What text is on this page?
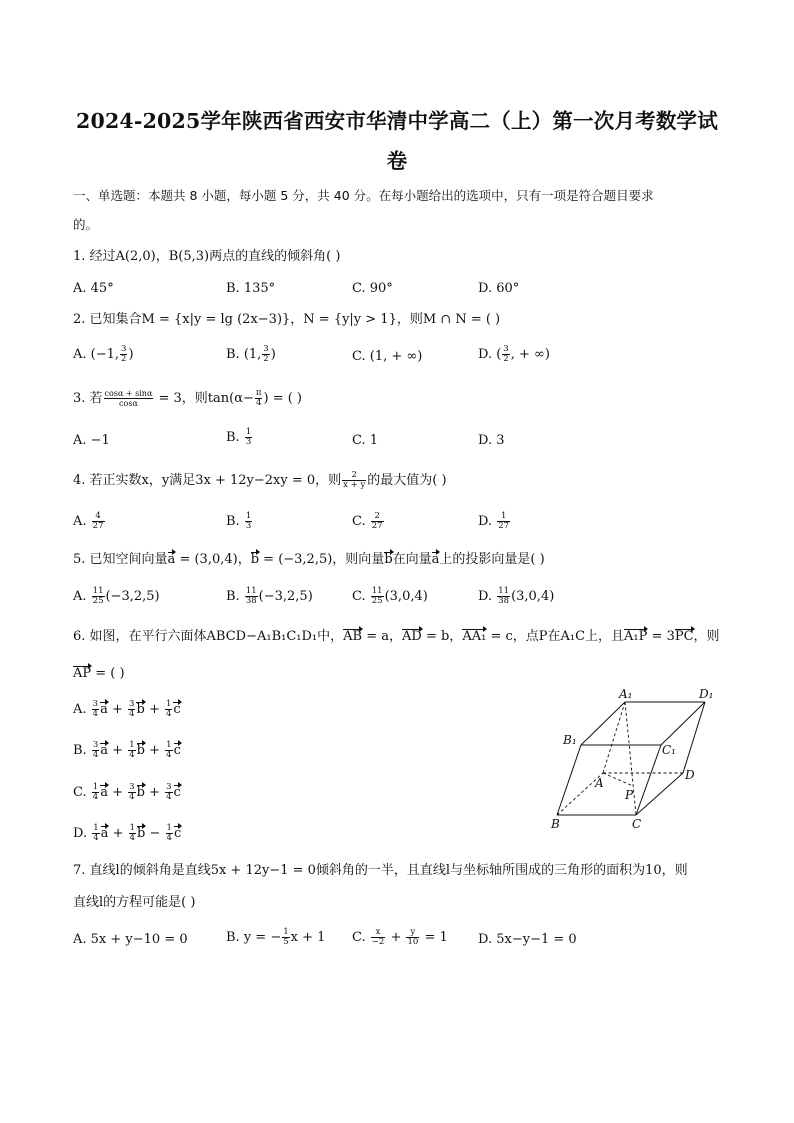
2024-2025学年陕西省西安市华清中学高二（上）第一次月考数学试
卷
一、单选题：本题共 8 小题，每小题 5 分，共 40 分。在每小题给出的选项中，只有一项是符合题目要求
的。
1. 经过A(2,0)，B(5,3)两点的直线的倾斜角( )
A. 45°	B. 135°	C. 90°	D. 60°
2. 已知集合M = {x|y = lg (2x−3)}，N = {y|y > 1}，则M ∩ N = ( )
A. (−1, $\frac{3}{2}$ )	B. (1, $\frac{3}{2}$ )	C. (1, + ∞)	D. ( $\frac{3}{2}$ , + ∞)
3. 若 $\frac{\cos\alpha + \sin\alpha}{\cos\alpha} = 3$，则$\tan(\alpha- \frac{\pi}{4}$ ) = ( )
A. −1	B. $\frac{1}{3}$	C. 1	D. 3
4. 若正实数x，y满足3x + 12y−2xy = 0，则 $\frac{2}{x + y}$ 的最大值为( )
A. $\frac{4}{27}$	B. $\frac{1}{3}$	C. $\frac{2}{27}$	D. $\frac{1}{27}$
5. 已知空间向量a = (3,0,4)，b = (−3,2,5)，则向量b在向量a上的投影向量是( )
A. $\frac{11}{25} (-3,2,5)$	B. $\frac{11}{38} (-3,2,5)$	C. $\frac{11}{25} (3,0,4)$	D. $\frac{11}{38} (3,0,4)$
6. 如图，在平行六面体ABCD−A₁B₁C₁D₁中，AB = a，AD = b，AA₁ = c，点P在A₁C上，且A₁P = 3PC，则
AP = ( )
A. $\frac{3}{4}$ $a + \frac{3}{4}$ $b + \frac{1}{4}$ c
B. $\frac{3}{4}$ $a + \frac{1}{4}$ $b + \frac{1}{4}$ c
C. $\frac{1}{4}$ $a + \frac{3}{4}$ $b + \frac{3}{4}$ c
D. $\frac{1}{4}$ $a + \frac{1}{4}$ $b - \frac{1}{4}$ c
A₁	D₁
B₁
C₁
A
D
P
B	C
7. 直线l的倾斜角是直线5x + 12y−1 = 0倾斜角的一半，且直线l与坐标轴所围成的三角形的面积为10，则
直线l的方程可能是( )
A. 5x + y−10 = 0	B. y = − $\frac{1}{5}$ x + 1 C. $\frac{x}{-2} + \frac{y}{10} = 1$ D. 5x−y−1 = 0
